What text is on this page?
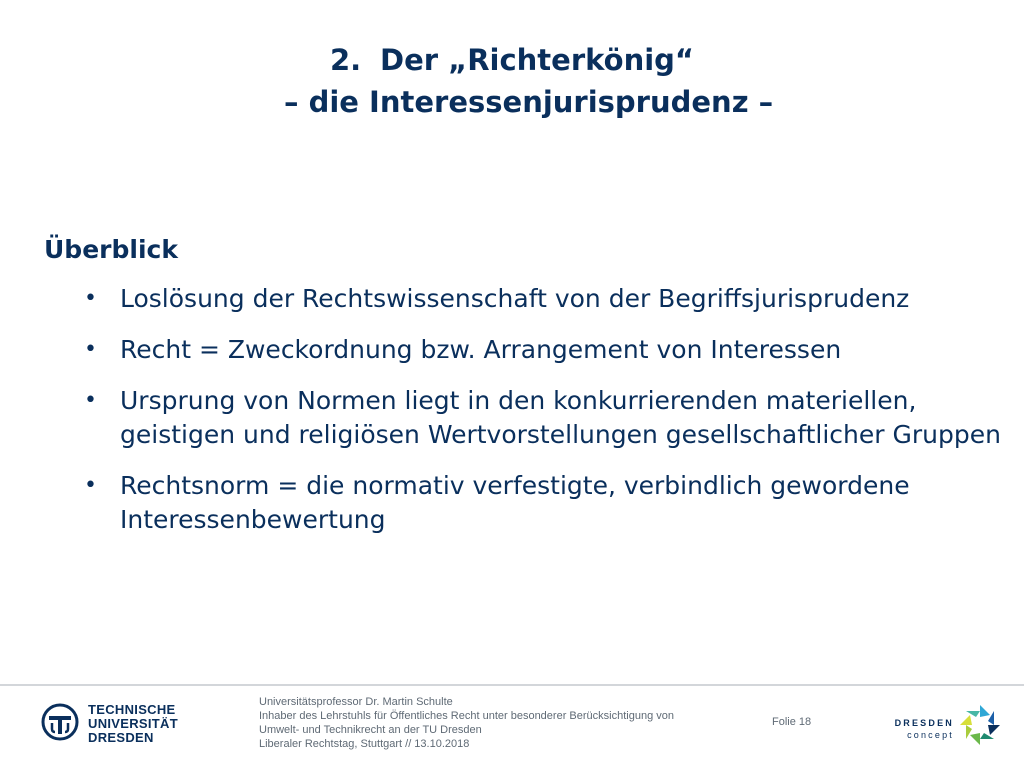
2. Der „Richterkönig“
– die Interessenjurisprudenz –
Überblick
• Loslösung der Rechtswissenschaft von der Begriffsjurisprudenz
• Recht = Zweckordnung bzw. Arrangement von Interessen
• Ursprung von Normen liegt in den konkurrierenden materiellen, geistigen und religiösen Wertvorstellungen gesellschaftlicher Gruppen
• Rechtsnorm = die normativ verfestigte, verbindlich gewordene Interessenbewertung
TECHNISCHE
UNIVERSITÄT
DRESDEN
Universitätsprofessor Dr. Martin Schulte
Inhaber des Lehrstuhls für Öffentliches Recht unter besonderer Berücksichtigung von
Umwelt- und Technikrecht an der TU Dresden
Liberaler Rechtstag, Stuttgart // 13.10.2018
Folie 18	DRESDEN
concept
